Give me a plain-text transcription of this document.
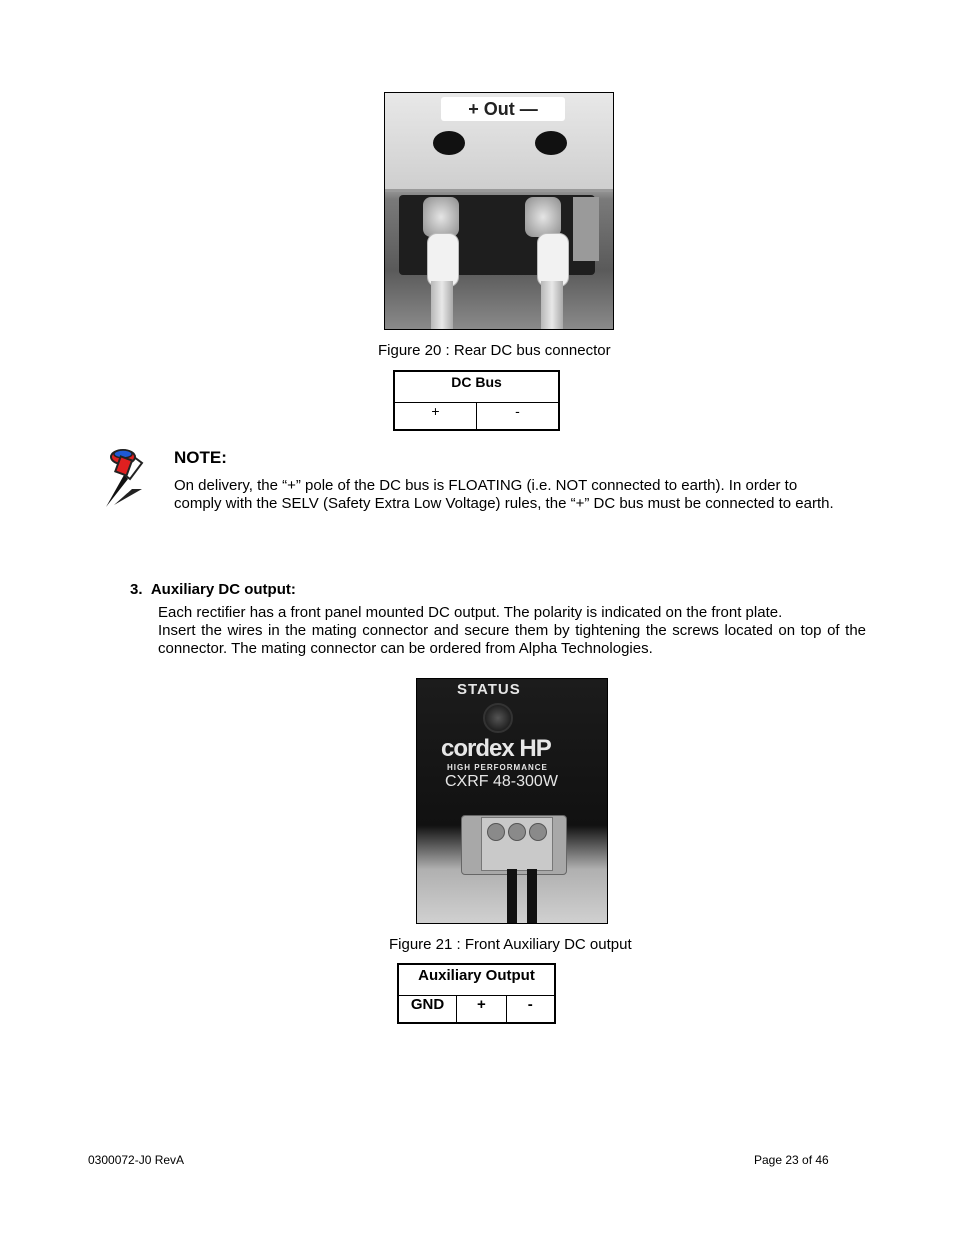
+ Out —
Figure 20 : Rear DC bus connector
DC Bus
+	-
NOTE:
On delivery, the “+” pole of the DC bus is FLOATING (i.e. NOT connected to earth). In order to comply with the SELV (Safety Extra Low Voltage) rules, the “+” DC bus must be connected to earth.
3.  Auxiliary DC output:
Each rectifier has a front panel mounted DC output. The polarity is indicated on the front plate.
Insert the wires in the mating connector and secure them by tightening the screws located on top of the connector. The mating connector can be ordered from Alpha Technologies.
STATUS
cordex HP
HIGH PERFORMANCE
CXRF 48-300W
Figure 21 : Front Auxiliary DC output
Auxiliary Output
GND	+	-
0300072-J0 RevA	Page 23 of 46
